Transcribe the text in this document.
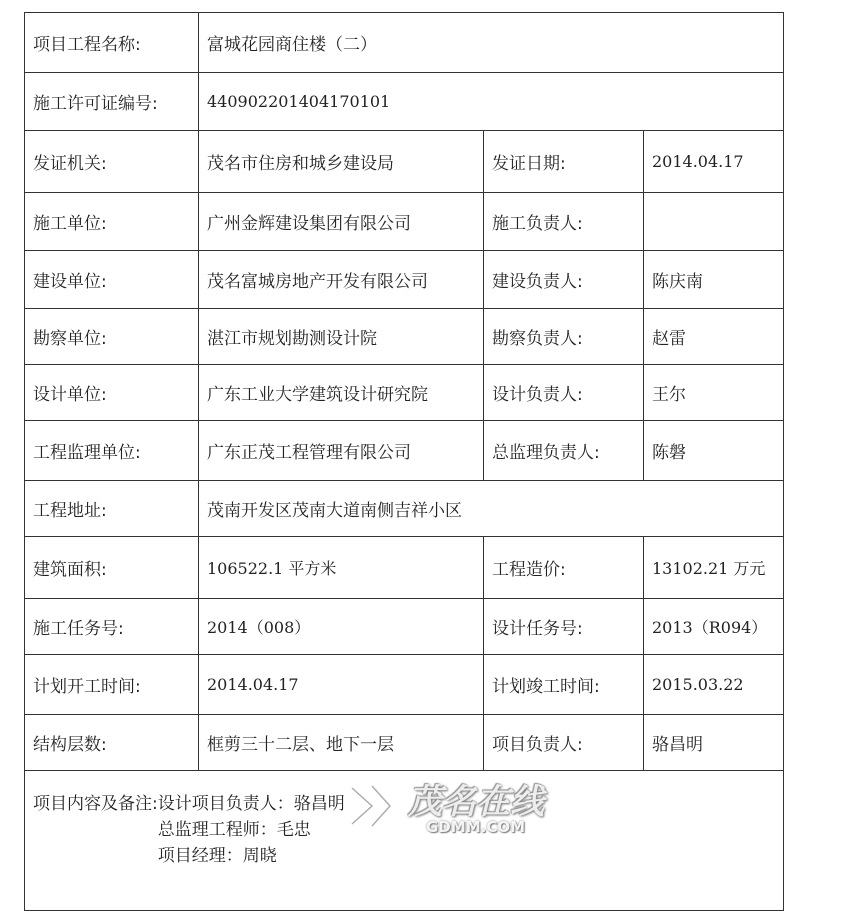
项目工程名称:	富城花园商住楼（二）		
施工许可证编号:	440902201404170101		
发证机关:	茂名市住房和城乡建设局	发证日期:	2014.04.17
施工单位:	广州金辉建设集团有限公司	施工负责人:	
建设单位:	茂名富城房地产开发有限公司	建设负责人:	陈庆南
勘察单位:	湛江市规划勘测设计院	勘察负责人:	赵雷
设计单位:	广东工业大学建筑设计研究院	设计负责人:	王尔
工程监理单位:	广东正茂工程管理有限公司	总监理负责人:	陈磐
工程地址:	茂南开发区茂南大道南侧吉祥小区		
建筑面积:	106522.1 平方米	工程造价:	13102.21 万元
施工任务号:	2014（008）	设计任务号:	2013（R094）
计划开工时间:	2014.04.17	计划竣工时间:	2015.03.22
结构层数:	框剪三十二层、地下一层	项目负责人:	骆昌明

项目内容及备注: 设计项目负责人：骆昌明
总监理工程师：毛忠
项目经理：周晓			
茂名在线
GDMM.COM
